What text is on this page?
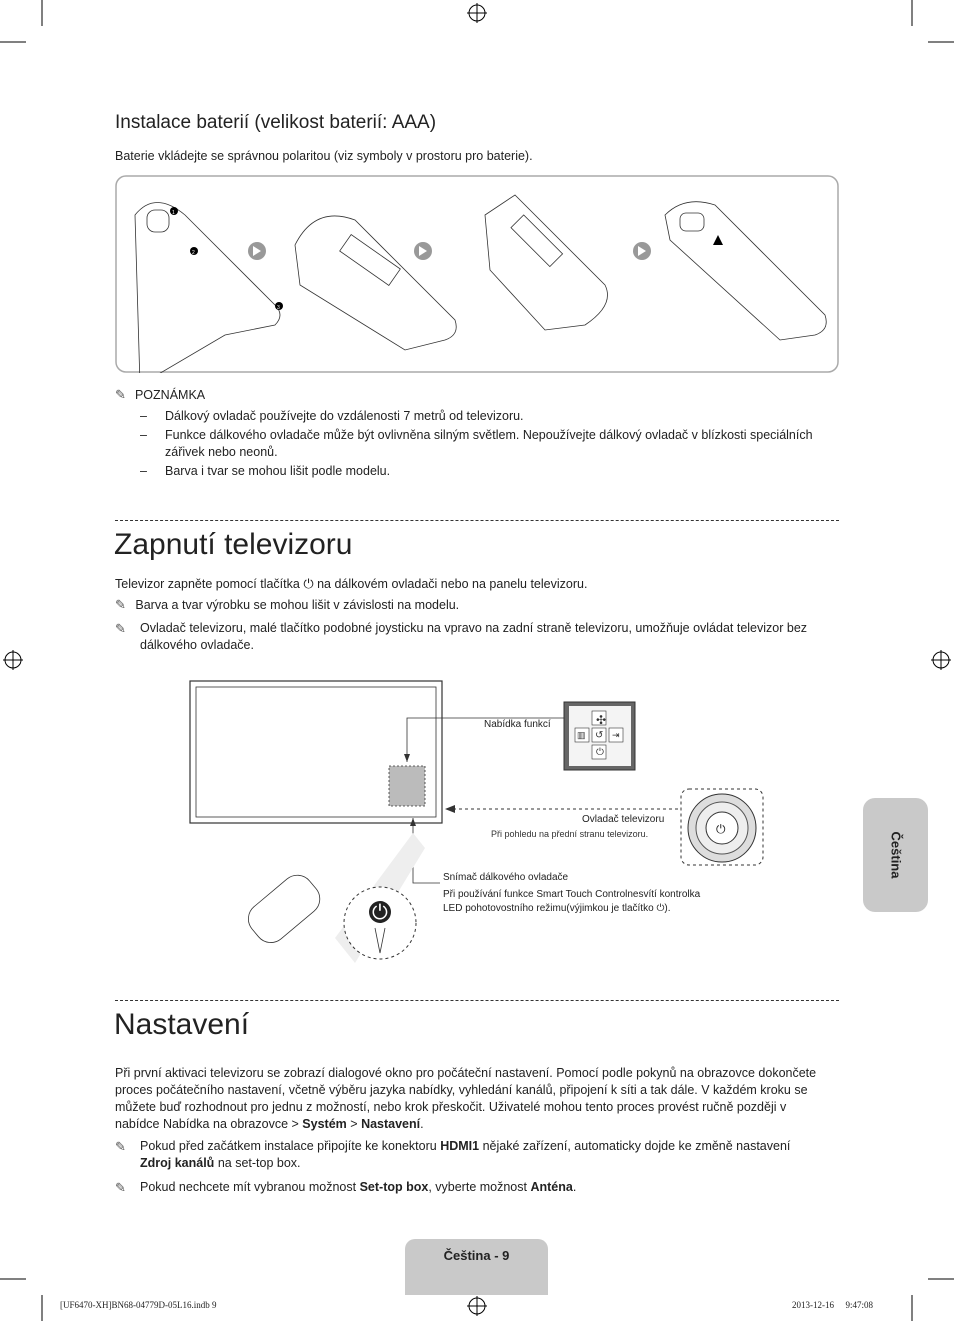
Instalace baterií (velikost baterií: AAA)
Baterie vkládejte se správnou polaritou (viz symboly v prostoru pro baterie).
1
2
3
✎ POZNÁMKA
–	Dálkový ovladač používejte do vzdálenosti 7 metrů od televizoru.
–	Funkce dálkového ovladače může být ovlivněna silným světlem. Nepoužívejte dálkový ovladač v blízkosti speciálních zářivek nebo neonů.
–	Barva i tvar se mohou lišit podle modelu.
Zapnutí televizoru
Televizor zapněte pomocí tlačítka ⏻ na dálkovém ovladači nebo na panelu televizoru.
✎ Barva a tvar výrobku se mohou lišit v závislosti na modelu.
✎	Ovladač televizoru, malé tlačítko podobné joysticku na vpravo na zadní straně televizoru, umožňuje ovládat televizor bez dálkového ovladače.
✣
▥ ↺ ⇥
⏻
⏻
⏻
Nabídka funkcí
Ovladač televizoru
Při pohledu na přední stranu televizoru.
Snímač dálkového ovladače
Při používání funkce Smart Touch Controlnesvítí kontrolka
LED pohotovostního režimu(výjimkou je tlačítko ⏻).
Čeština
Nastavení
Při první aktivaci televizoru se zobrazí dialogové okno pro počáteční nastavení. Pomocí podle pokynů na obrazovce dokončete proces počátečního nastavení, včetně výběru jazyka nabídky, vyhledání kanálů, připojení k síti a tak dále. V každém kroku se můžete buď rozhodnout pro jednu z možností, nebo krok přeskočit. Uživatelé mohou tento proces provést ručně později v nabídce Nabídka na obrazovce > Systém > Nastavení.
✎	Pokud před začátkem instalace připojíte ke konektoru HDMI1 nějaké zařízení, automaticky dojde ke změně nastavení Zdroj kanálů na set-top box.
✎	Pokud nechcete mít vybranou možnost Set-top box, vyberte možnost Anténa.
Čeština - 9
[UF6470-XH]BN68-04779D-05L16.indb 9	2013-12-16   9:47:08
